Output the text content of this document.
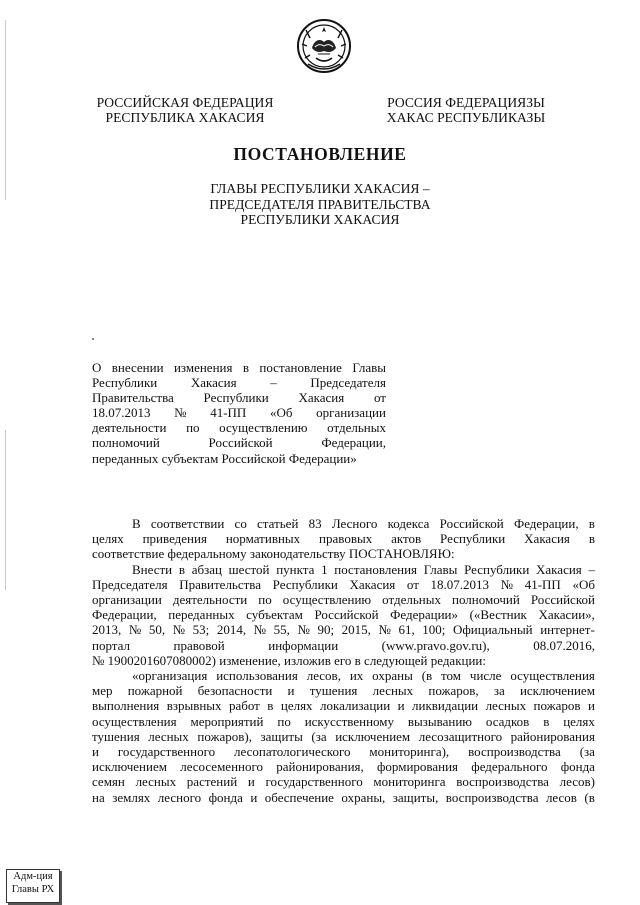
РОССИЙСКАЯ ФЕДЕРАЦИЯ
РЕСПУБЛИКА ХАКАСИЯ
РОССИЯ ФЕДЕРАЦИЯЗЫ
ХАКАС РЕСПУБЛИКАЗЫ
ПОСТАНОВЛЕНИЕ
ГЛАВЫ РЕСПУБЛИКИ ХАКАСИЯ –
ПРЕДСЕДАТЕЛЯ ПРАВИТЕЛЬСТВА
РЕСПУБЛИКИ ХАКАСИЯ
О внесении изменения в постановление Главы
Республики	Хакасия	–	Председателя
Правительства Республики Хакасия от
18.07.2013 № 41-ПП «Об организации
деятельности по осуществлению отдельных
полномочий	Российской	Федерации,
переданных субъектам Российской Федерации»
В соответствии со статьей 83 Лесного кодекса Российской Федерации, в
целях приведения нормативных правовых актов Республики Хакасия в
соответствие федеральному законодательству ПОСТАНОВЛЯЮ:
Внести в абзац шестой пункта 1 постановления Главы Республики Хакасия –
Председателя Правительства Республики Хакасия от 18.07.2013 № 41-ПП «Об
организации деятельности по осуществлению отдельных полномочий Российской
Федерации, переданных субъектам Российской Федерации» («Вестник Хакасии»,
2013, № 50, № 53; 2014, № 55, № 90; 2015, № 61, 100; Официальный интернет-
портал	правовой	информации	(www.pravo.gov.ru),	08.07.2016,
№ 1900201607080002) изменение, изложив его в следующей редакции:
«организация использования лесов, их охраны (в том числе осуществления
мер пожарной безопасности и тушения лесных пожаров, за исключением
выполнения взрывных работ в целях локализации и ликвидации лесных пожаров и
осуществления мероприятий по искусственному вызыванию осадков в целях
тушения лесных пожаров), защиты (за исключением лесозащитного районирования
и государственного лесопатологического мониторинга), воспроизводства (за
исключением лесосеменного районирования, формирования федерального фонда
семян лесных растений и государственного мониторинга воспроизводства лесов)
на землях лесного фонда и обеспечение охраны, защиты, воспроизводства лесов (в
Адм-ция
Главы РХ
